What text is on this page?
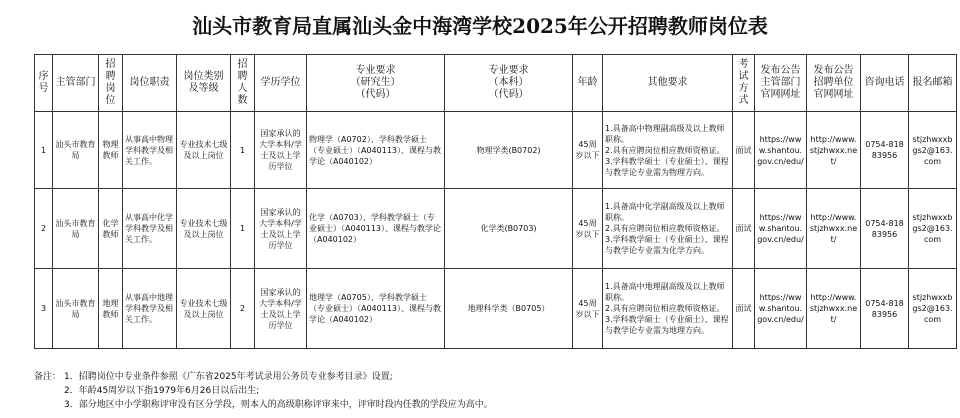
汕头市教育局直属汕头金中海湾学校2025年公开招聘教师岗位表
序号	主管部门	招聘岗位	岗位职责	岗位类别及等级	招聘人数	学历学位	专业要求
（研究生）
（代码）	专业要求
（本科）
（代码）	年龄	其他要求	考试方式	发布公告主管部门官网网址	发布公告招聘单位官网网址	咨询电话	报名邮箱
1	汕头市教育局	物理教师	从事高中物理学科教学及相关工作。	专业技术七级及以上岗位	1	国家承认的大学本科/学士及以上学历学位	物理学（A0702）、学科教学硕士（专业硕士）（A040113）、课程与教学论（A040102）	物理学类(B0702)	45周岁以下	1.具备高中物理副高级及以上教师职称。
2.具有应聘岗位相应教师资格证。
3.学科教学硕士（专业硕士）、课程与教学论专业需为物理方向。	面试	https://www.shantou.gov.cn/edu/	http://www.stjzhwxx.net/	0754-81883956	stjzhwxxbgs2@163.com
2	汕头市教育局	化学教师	从事高中化学学科教学及相关工作。	专业技术七级及以上岗位	1	国家承认的大学本科/学士及以上学历学位	化学（A0703）、学科教学硕士（专业硕士）（A040113）、课程与教学论（A040102）	化学类(B0703)	45周岁以下	1.具备高中化学副高级及以上教师职称。
2.具有应聘岗位相应教师资格证。
3.学科教学硕士（专业硕士）、课程与教学论专业需为化学方向。	面试	https://www.shantou.gov.cn/edu/	http://www.stjzhwxx.net/	0754-81883956	stjzhwxxbgs2@163.com
3	汕头市教育局	地理教师	从事高中地理学科教学及相关工作。	专业技术七级及以上岗位	2	国家承认的大学本科/学士及以上学历学位	地理学（A0705）、学科教学硕士（专业硕士）（A040113）、课程与教学论（A040102）	地理科学类（B0705）	45周岁以下	1.具备高中地理副高级及以上教师职称。
2.具有应聘岗位相应教师资格证。
3.学科教学硕士（专业硕士）、课程与教学论专业需为地理方向。	面试	https://www.shantou.gov.cn/edu/	http://www.stjzhwxx.net/	0754-81883956	stjzhwxxbgs2@163.com
备注： 1．招聘岗位中专业条件参照《广东省2025年考试录用公务员专业参考目录》设置;
2．年龄45周岁以下指1979年6月26日以后出生;
3．部分地区中小学职称评审没有区分学段，则本人的高级职称评审来中，评审时段内任教的学段应为高中。
